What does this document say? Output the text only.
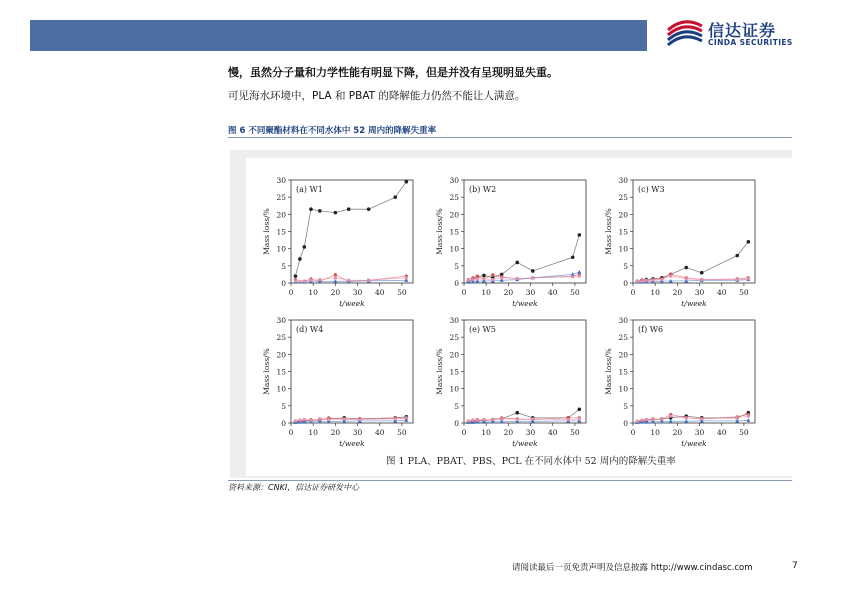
信达证券
CINDA SECURITIES
慢，虽然分子量和力学性能有明显下降，但是并没有呈现明显失重。
可见海水环境中，PLA 和 PBAT 的降解能力仍然不能让人满意。
图 6 不同聚酯材料在不同水体中 52 周内的降解失重率
0
5
10
15
20
25
30
0 10 20 30 40 50
(a) W1
t/week
Mass loss/%
0
5
10
15
20
25
30
0 10 20 30 40 50
(b) W2
t/week
Mass loss/%
0
5
10
15
20
25
30
0 10 20 30 40 50
(c) W3
t/week
Mass loss/%
0
5
10
15
20
25
30
0 10 20 30 40 50
(d) W4
t/week
Mass loss/%
0
5
10
15
20
25
30
0 10 20 30 40 50
(e) W5
t/week
Mass loss/%
0
5
10
15
20
25
30
0 10 20 30 40 50
(f) W6
t/week
Mass loss/%
图 1 PLA、PBAT、PBS、PCL 在不同水体中 52 周内的降解失重率
资料来源：CNKI，信达证券研发中心
请阅读最后一页免责声明及信息披露 http://www.cindasc.com	7
